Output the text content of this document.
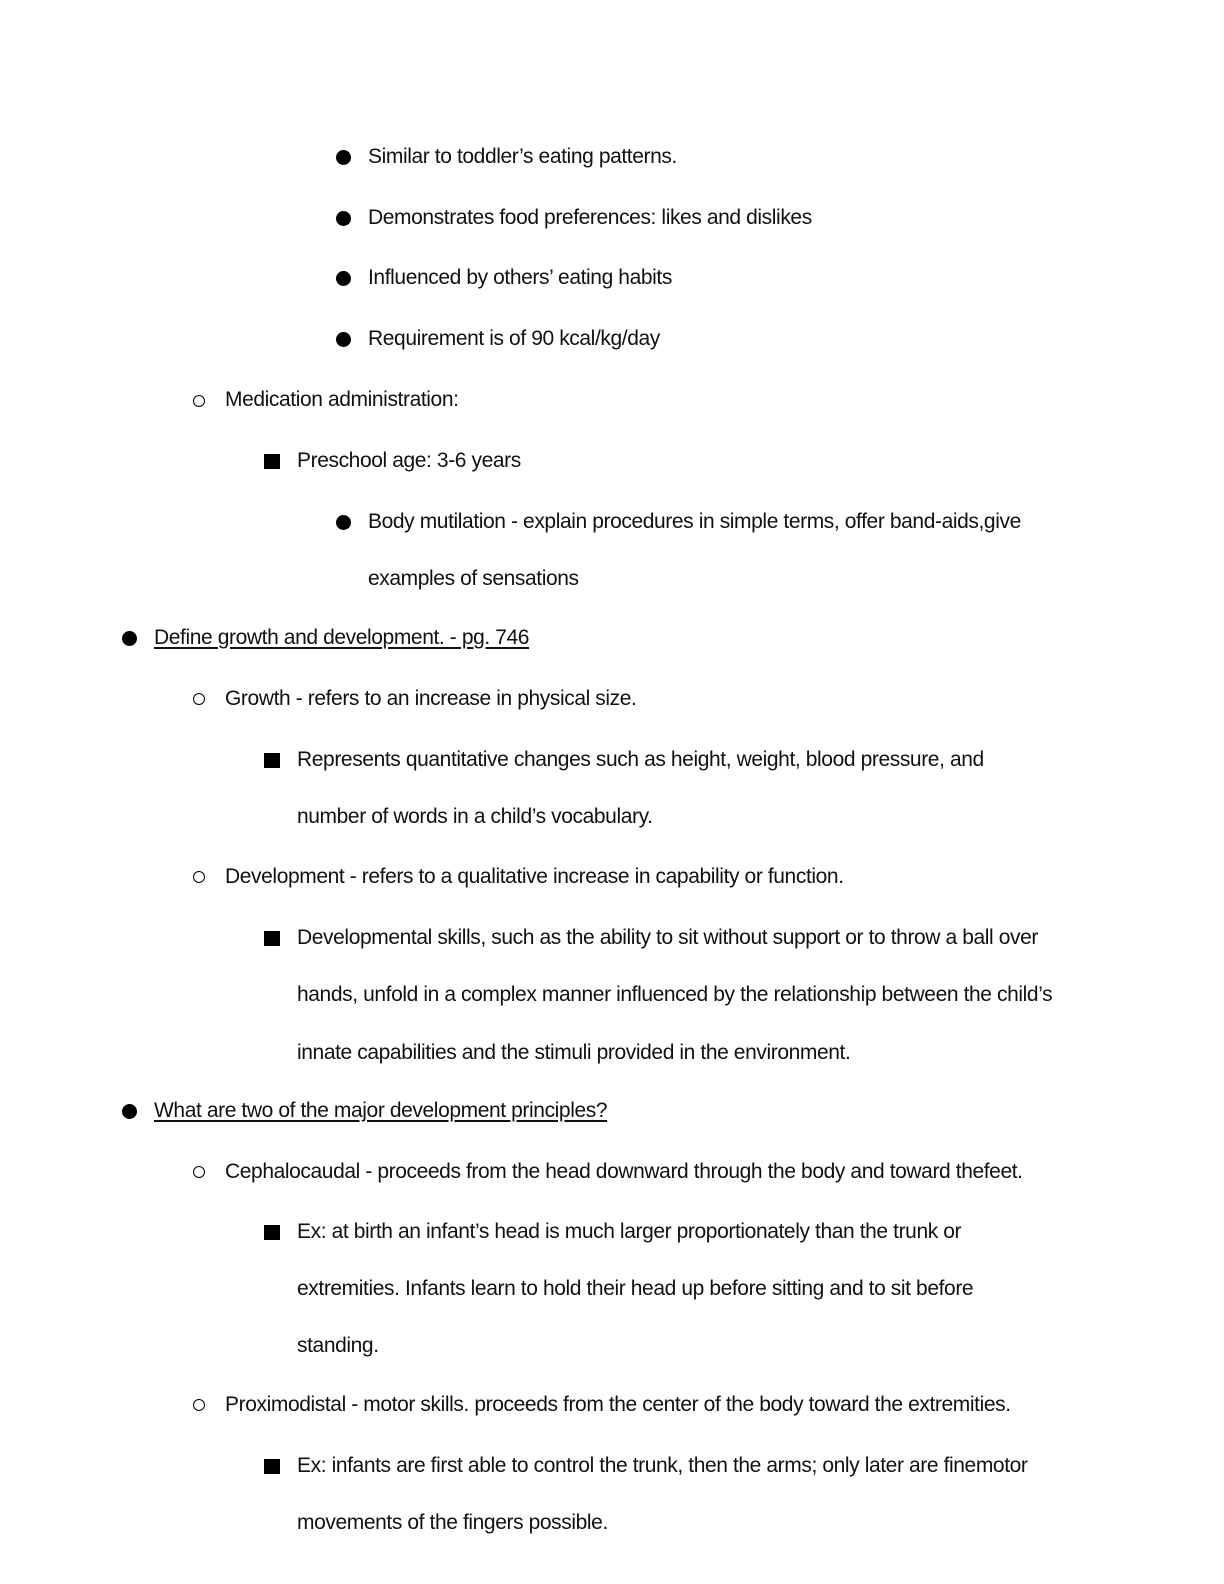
Similar to toddler’s eating patterns.
Demonstrates food preferences: likes and dislikes
Influenced by others’ eating habits
Requirement is of 90 kcal/kg/day
Medication administration:
Preschool age: 3-6 years
Body mutilation - explain procedures in simple terms, offer band-aids,give
examples of sensations
Define growth and development. - pg. 746
Growth - refers to an increase in physical size.
Represents quantitative changes such as height, weight, blood pressure, and
number of words in a child’s vocabulary.
Development - refers to a qualitative increase in capability or function.
Developmental skills, such as the ability to sit without support or to throw a ball over
hands, unfold in a complex manner influenced by the relationship between the child’s
innate capabilities and the stimuli provided in the environment.
What are two of the major development principles?
Cephalocaudal - proceeds from the head downward through the body and toward thefeet.
Ex: at birth an infant’s head is much larger proportionately than the trunk or
extremities. Infants learn to hold their head up before sitting and to sit before
standing.
Proximodistal - motor skills. proceeds from the center of the body toward the extremities.
Ex: infants are first able to control the trunk, then the arms; only later are finemotor
movements of the fingers possible.
